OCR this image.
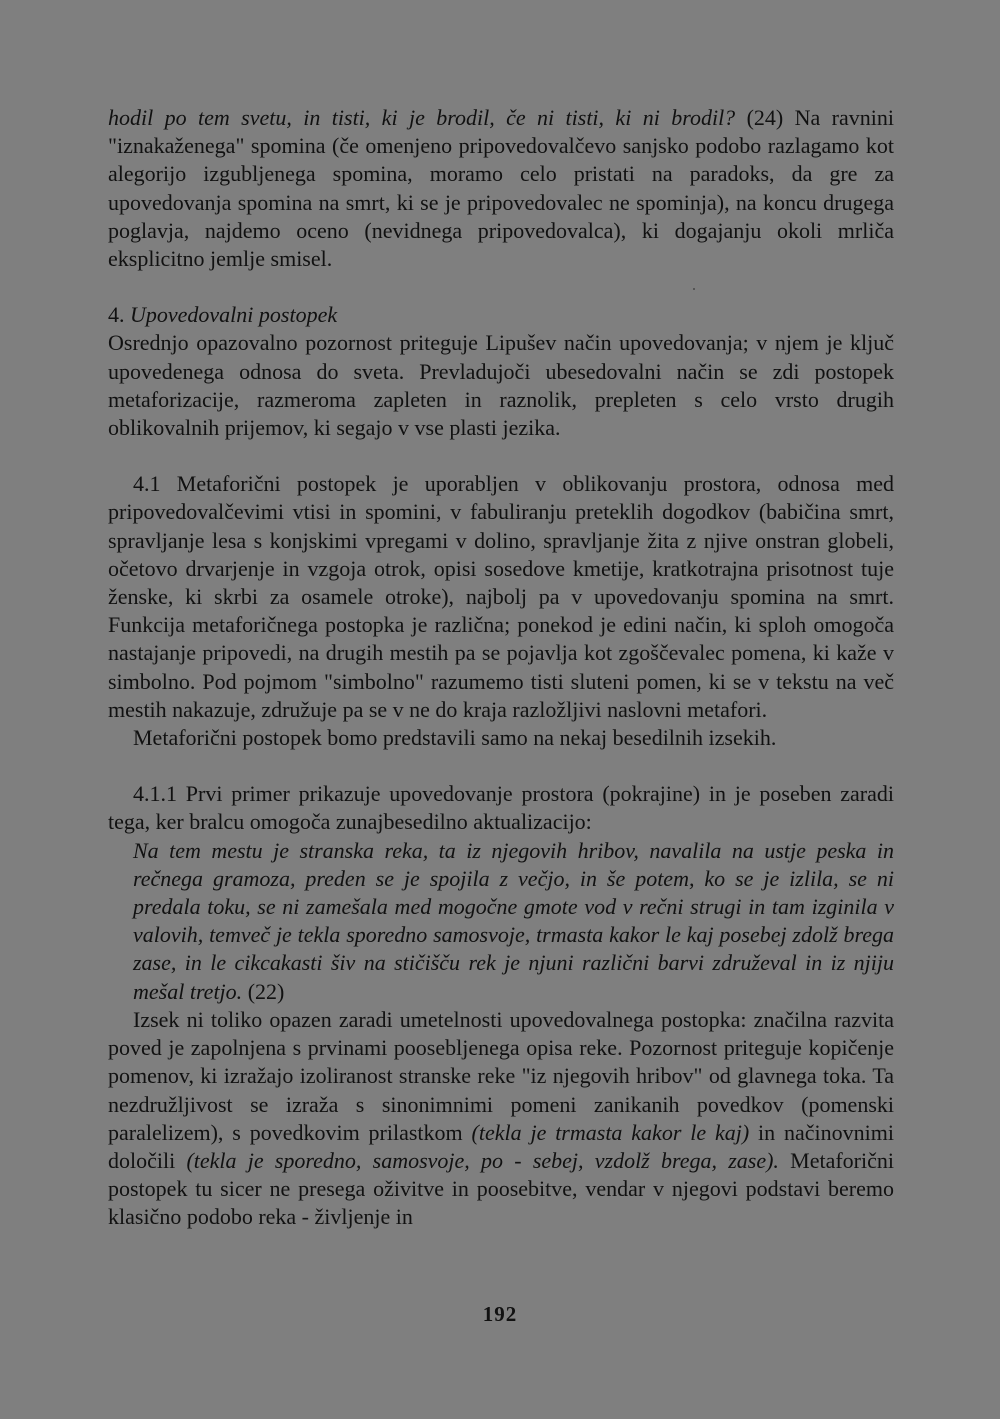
hodil po tem svetu, in tisti, ki je brodil, če ni tisti, ki ni brodil? (24) Na ravnini "iznakaženega" spomina (če omenjeno pripovedovalčevo sanjsko podobo razlagamo kot alegorijo izgubljenega spomina, moramo celo pristati na paradoks, da gre za upovedovanja spomina na smrt, ki se je pripovedovalec ne spominja), na koncu drugega poglavja, najdemo oceno (nevidnega pripovedovalca), ki dogajanju okoli mrliča eksplicitno jemlje smisel.

4. Upovedovalni postopek

Osrednjo opazovalno pozornost priteguje Lipušev način upovedovanja; v njem je ključ upovedenega odnosa do sveta. Prevladujoči ubesedovalni način se zdi postopek metaforizacije, razmeroma zapleten in raznolik, prepleten s celo vrsto drugih oblikovalnih prijemov, ki segajo v vse plasti jezika.

4.1 Metaforični postopek je uporabljen v oblikovanju prostora, odnosa med pripovedovalčevimi vtisi in spomini, v fabuliranju preteklih dogodkov (babičina smrt, spravljanje lesa s konjskimi vpregami v dolino, spravljanje žita z njive onstran globeli, očetovo drvarjenje in vzgoja otrok, opisi sosedove kmetije, kratkotrajna prisotnost tuje ženske, ki skrbi za osamele otroke), najbolj pa v upovedovanju spomina na smrt. Funkcija metaforičnega postopka je različna; ponekod je edini način, ki sploh omogoča nastajanje pripovedi, na drugih mestih pa se pojavlja kot zgoščevalec pomena, ki kaže v simbolno. Pod pojmom "simbolno" razumemo tisti sluteni pomen, ki se v tekstu na več mestih nakazuje, združuje pa se v ne do kraja razložljivi naslovni metafori.

Metaforični postopek bomo predstavili samo na nekaj besedilnih izsekih.

4.1.1 Prvi primer prikazuje upovedovanje prostora (pokrajine) in je poseben zaradi tega, ker bralcu omogoča zunajbesedilno aktualizacijo:

Na tem mestu je stranska reka, ta iz njegovih hribov, navalila na ustje peska in rečnega gramoza, preden se je spojila z večjo, in še potem, ko se je izlila, se ni predala toku, se ni zamešala med mogočne gmote vod v rečni strugi in tam izginila v valovih, temveč je tekla sporedno samosvoje, trmasta kakor le kaj posebej zdolž brega zase, in le cikcakasti šiv na stičišču rek je njuni različni barvi združeval in iz njiju mešal tretjo. (22)

Izsek ni toliko opazen zaradi umetelnosti upovedovalnega postopka: značilna razvita poved je zapolnjena s prvinami poosebljenega opisa reke. Pozornost priteguje kopičenje pomenov, ki izražajo izoliranost stranske reke "iz njegovih hribov" od glavnega toka. Ta nezdružljivost se izraža s sinonimnimi pomeni zanikanih povedkov (pomenski paralelizem), s povedkovim prilastkom (tekla je trmasta kakor le kaj) in načinovnimi določili (tekla je sporedno, samosvoje, po - sebej, vzdolž brega, zase). Metaforični postopek tu sicer ne presega oživitve in poosebitve, vendar v njegovi podstavi beremo klasično podobo reka - življenje in

192
